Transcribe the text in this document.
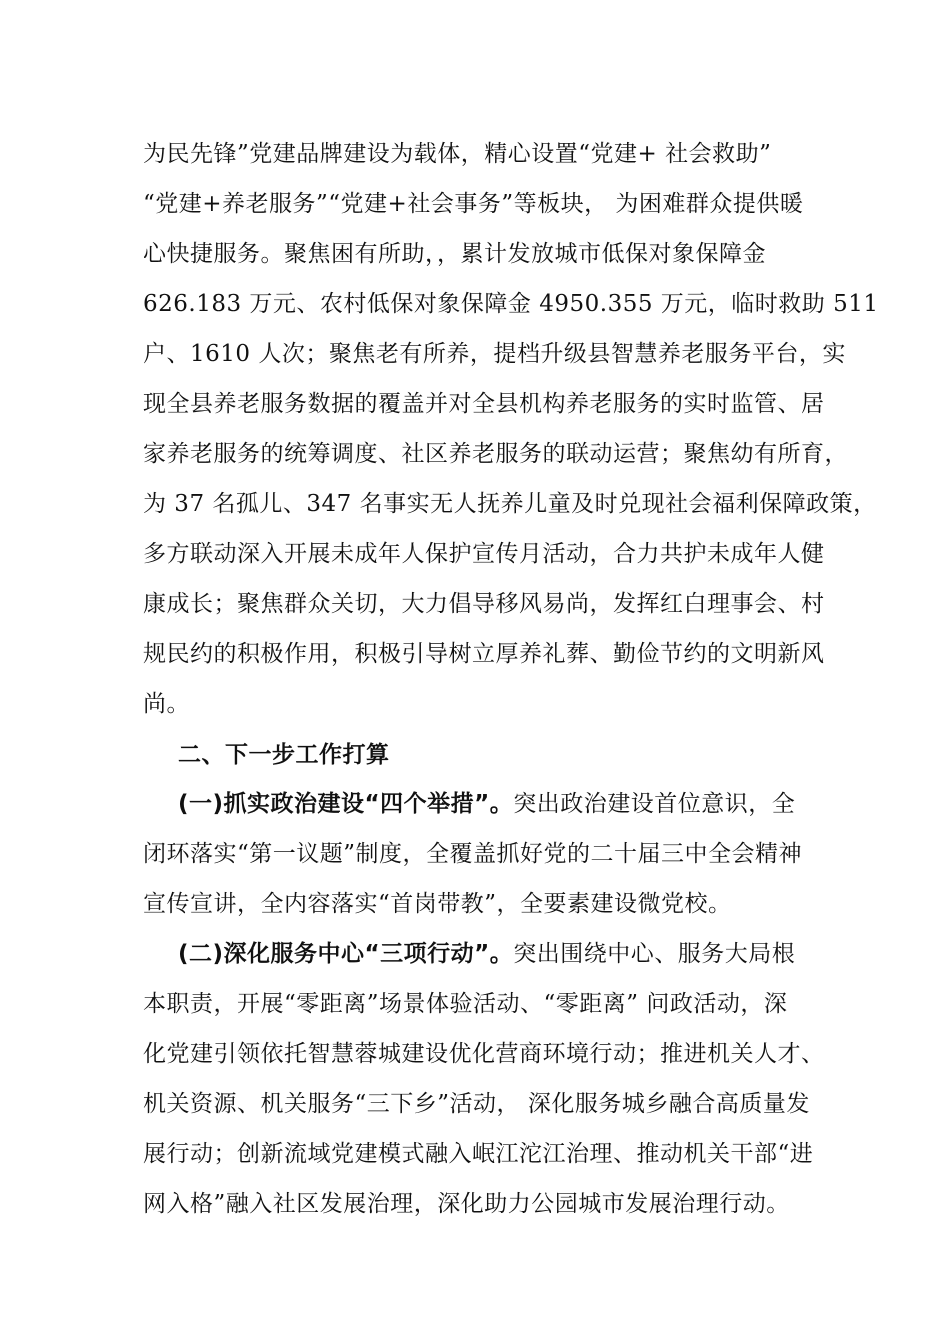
为民先锋”党建品牌建设为载体，精心设置“党建+ 社会救助”
“党建+养老服务”“党建+社会事务”等板块， 为困难群众提供暖
心快捷服务。聚焦困有所助，，累计发放城市低保对象保障金
626.183 万元、农村低保对象保障金 4950.355 万元，临时救助 511
户、1610 人次；聚焦老有所养，提档升级县智慧养老服务平台，实
现全县养老服务数据的覆盖并对全县机构养老服务的实时监管、居
家养老服务的统筹调度、社区养老服务的联动运营；聚焦幼有所育，
为 37 名孤儿、347 名事实无人抚养儿童及时兑现社会福利保障政策，
多方联动深入开展未成年人保护宣传月活动，合力共护未成年人健
康成长；聚焦群众关切，大力倡导移风易尚，发挥红白理事会、村
规民约的积极作用，积极引导树立厚养礼葬、勤俭节约的文明新风
尚。
二、下一步工作打算
(一)抓实政治建设“四个举措”。突出政治建设首位意识，全
闭环落实“第一议题”制度，全覆盖抓好党的二十届三中全会精神
宣传宣讲，全内容落实“首岗带教”，全要素建设微党校。
(二)深化服务中心“三项行动”。突出围绕中心、服务大局根
本职责，开展“零距离”场景体验活动、“零距离” 问政活动，深
化党建引领依托智慧蓉城建设优化营商环境行动；推进机关人才、
机关资源、机关服务“三下乡”活动， 深化服务城乡融合高质量发
展行动；创新流域党建模式融入岷江沱江治理、推动机关干部“进
网入格”融入社区发展治理，深化助力公园城市发展治理行动。
